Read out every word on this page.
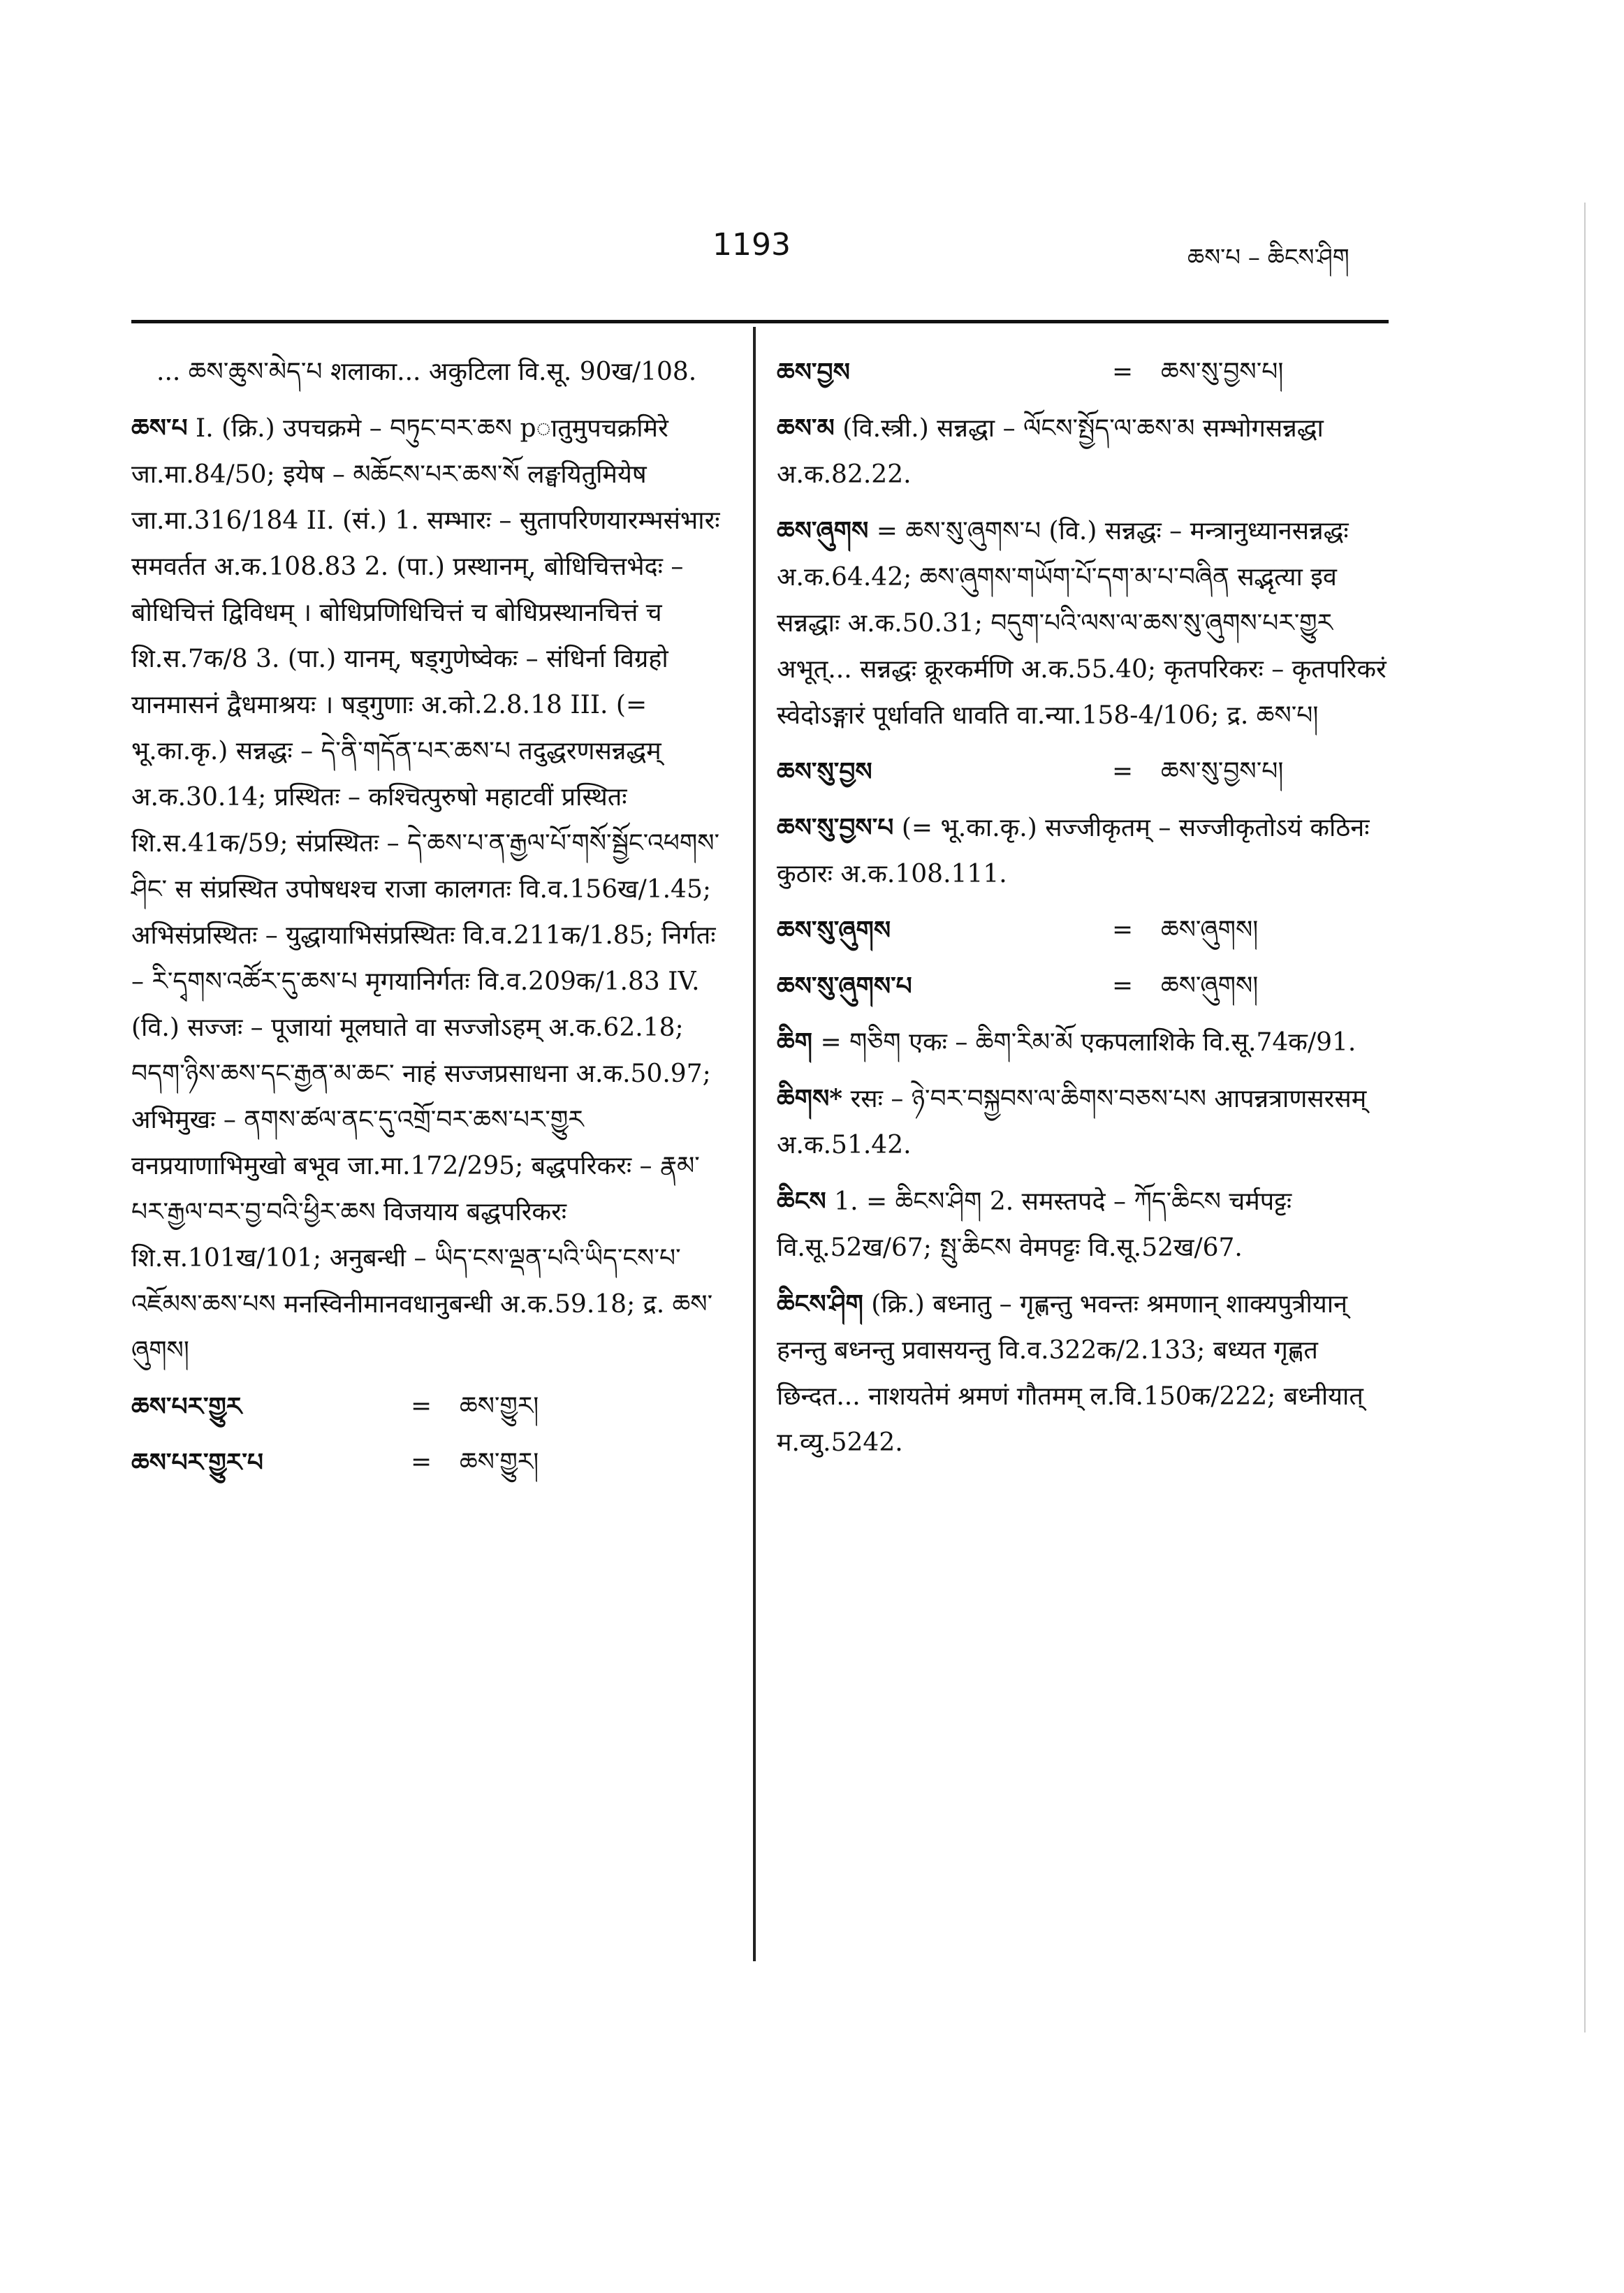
1193	ཆས་པ – ཆིངས་ཤིག
... ཆས་ཆུས་མེད་པ शलाका... अकुटिला वि.सू. 90ख/108.
ཆས་པ I. (क्रि.) उपचक्रमे – བཏུང་བར་ཆས pातुमुपचक्रमिरे जा.मा.84/50; इयेष – མཆོངས་པར་ཆས་སོ लङ्घयितुमियेष जा.मा.316/184 II. (सं.) 1. सम्भारः – सुतापरिणयारम्भसंभारः समवर्तत अ.क.108.83 2. (पा.) प्रस्थानम्, बोधिचित्तभेदः – बोधिचित्तं द्विविधम् । बोधिप्रणिधिचित्तं च बोधिप्रस्थानचित्तं च शि.स.7क/8 3. (पा.) यानम्, षड्गुणेष्वेकः – संधिर्ना विग्रहो यानमासनं द्वैधमाश्रयः । षड्गुणाः अ.को.2.8.18 III. (= भू.का.कृ.) सन्नद्धः – དེ་ནི་གདོན་པར་ཆས་པ तदुद्धरणसन्नद्धम् अ.क.30.14; प्रस्थितः – कश्चित्पुरुषो महाटवीं प्रस्थितः शि.स.41क/59; संप्रस्थितः – དེ་ཆས་པ་ན་རྒྱལ་པོ་གསོ་སྦྱོང་འཕགས་ཤིང་ स संप्रस्थित उपोषधश्च राजा कालगतः वि.व.156ख/1.45; अभिसंप्रस्थितः – युद्धायाभिसंप्रस्थितः वि.व.211क/1.85; निर्गतः – རི་དྭགས་འཚོར་དུ་ཆས་པ मृगयानिर्गतः वि.व.209क/1.83 IV. (वि.) सज्जः – पूजायां मूलघाते वा सज्जोऽहम् अ.क.62.18; བདག་ཉིས་ཆས་དང་རྒྱན་མ་ཆང་ नाहं सज्जप्रसाधना अ.क.50.97; अभिमुखः – ནགས་ཚལ་ནང་དུ་འགྲོ་བར་ཆས་པར་གྱུར वनप्रयाणाभिमुखो बभूव जा.मा.172/295; बद्धपरिकरः – རྣམ་པར་རྒྱལ་བར་བྱ་བའི་ཕྱིར་ཆས विजयाय बद्धपरिकरः शि.स.101ख/101; अनुबन्धी – ཡིད་ངས་ལྡན་པའི་ཡིད་ངས་པ་འཇོམས་ཆས་པས मनस्विनीमानवधानुबन्धी अ.क.59.18; द्र. ཆས་ཞུགས།
ཆས་པར་གྱུར	=	ཆས་གྱུར།
ཆས་པར་གྱུར་པ	=	ཆས་གྱུར།
ཆས་བྱས	=	ཆས་སུ་བྱས་པ།
ཆས་མ (वि.स्त्री.) सन्नद्धा – ལོངས་སྤྱོད་ལ་ཆས་མ सम्भोगसन्नद्धा अ.क.82.22.
ཆས་ཞུགས = ཆས་སུ་ཞུགས་པ (वि.) सन्नद्धः – मन्त्रानुध्यानसन्नद्धः अ.क.64.42; ཆས་ཞུགས་གཡོག་པོ་དག་མ་པ་བཞིན सद्भृत्या इव सन्नद्धाः अ.क.50.31; བདུག་པའི་ལས་ལ་ཆས་སུ་ཞུགས་པར་གྱུར अभूत्... सन्नद्धः क्रूरकर्मणि अ.क.55.40; कृतपरिकरः – कृतपरिकरं स्वेदोऽङ्गारं पूर्धावति धावति वा.न्या.158-4/106; द्र. ཆས་པ།
ཆས་སུ་བྱས	=	ཆས་སུ་བྱས་པ།
ཆས་སུ་བྱས་པ (= भू.का.कृ.) सज्जीकृतम् – सज्जीकृतोऽयं कठिनः कुठारः अ.क.108.111.
ཆས་སུ་ཞུགས	=	ཆས་ཞུགས།
ཆས་སུ་ཞུགས་པ	=	ཆས་ཞུགས།
ཆིག = གཅིག एकः – ཆིག་རིམ་མོ एकपलाशिके वि.सू.74क/91.
ཆིགས* रसः – ཉེ་བར་བསྐྱབས་ལ་ཆིགས་བཅས་པས आपन्नत्राणसरसम् अ.क.51.42.
ཆིངས 1. = ཆིངས་ཤིག 2. समस्तपदे – ཀོད་ཆིངས चर्मपट्टः वि.सू.52ख/67; སྤུ་ཆིངས वेमपट्टः वि.सू.52ख/67.
ཆིངས་ཤིག (क्रि.) बध्नातु – गृह्णन्तु भवन्तः श्रमणान् शाक्यपुत्रीयान् हनन्तु बध्नन्तु प्रवासयन्तु वि.व.322क/2.133; बध्यत गृह्णत छिन्दत... नाशयतेमं श्रमणं गौतमम् ल.वि.150क/222; बध्नीयात् म.व्यु.5242.
